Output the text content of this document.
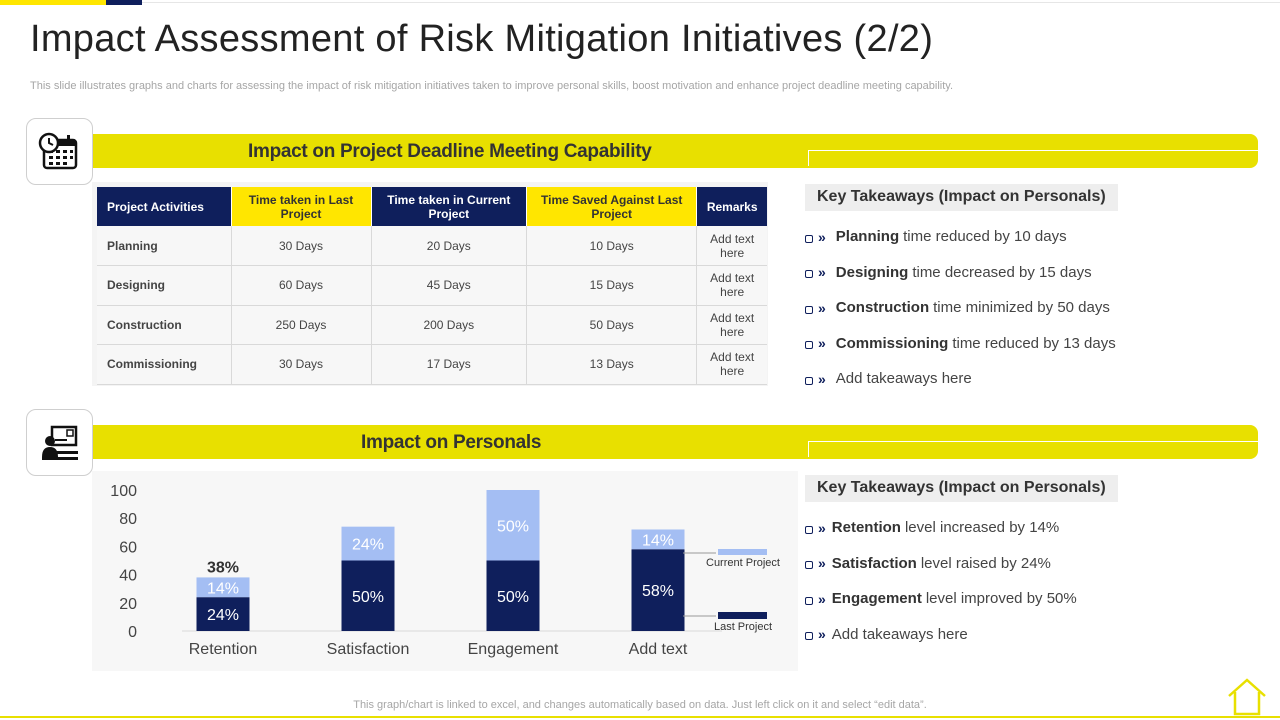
Impact Assessment of Risk Mitigation Initiatives (2/2)

This slide illustrates graphs and charts for assessing the impact of risk mitigation initiatives taken to improve personal skills, boost motivation and enhance project deadline meeting capability.

Impact on Project Deadline Meeting Capability
Project Activities	Time taken in Last Project	Time taken in Current Project	Time Saved Against Last Project	Remarks
Planning	30 Days	20 Days	10 Days	Add text here
Designing	60 Days	45 Days	15 Days	Add text here
Construction	250 Days	200 Days	50 Days	Add text here
Commissioning	30 Days	17 Days	13 Days	Add text here
Key Takeaways (Impact on Personals)
» Planning time reduced by 10 days
» Designing time decreased by 15 days
» Construction time minimized by 50 days
» Commissioning time reduced by 13 days
» Add takeaways here
Impact on Personals
0
20
40
60
80
100
24%
14%
Retention
38%
50%
24%
Satisfaction
50%
50%
Engagement
58%
14%
Add text
Current Project
Last Project
Key Takeaways (Impact on Personals)
» Retention level increased by 14%
» Satisfaction level raised by 24%
» Engagement level improved by 50%
» Add takeaways here
This graph/chart is linked to excel, and changes automatically based on data. Just left click on it and select “edit data”.
